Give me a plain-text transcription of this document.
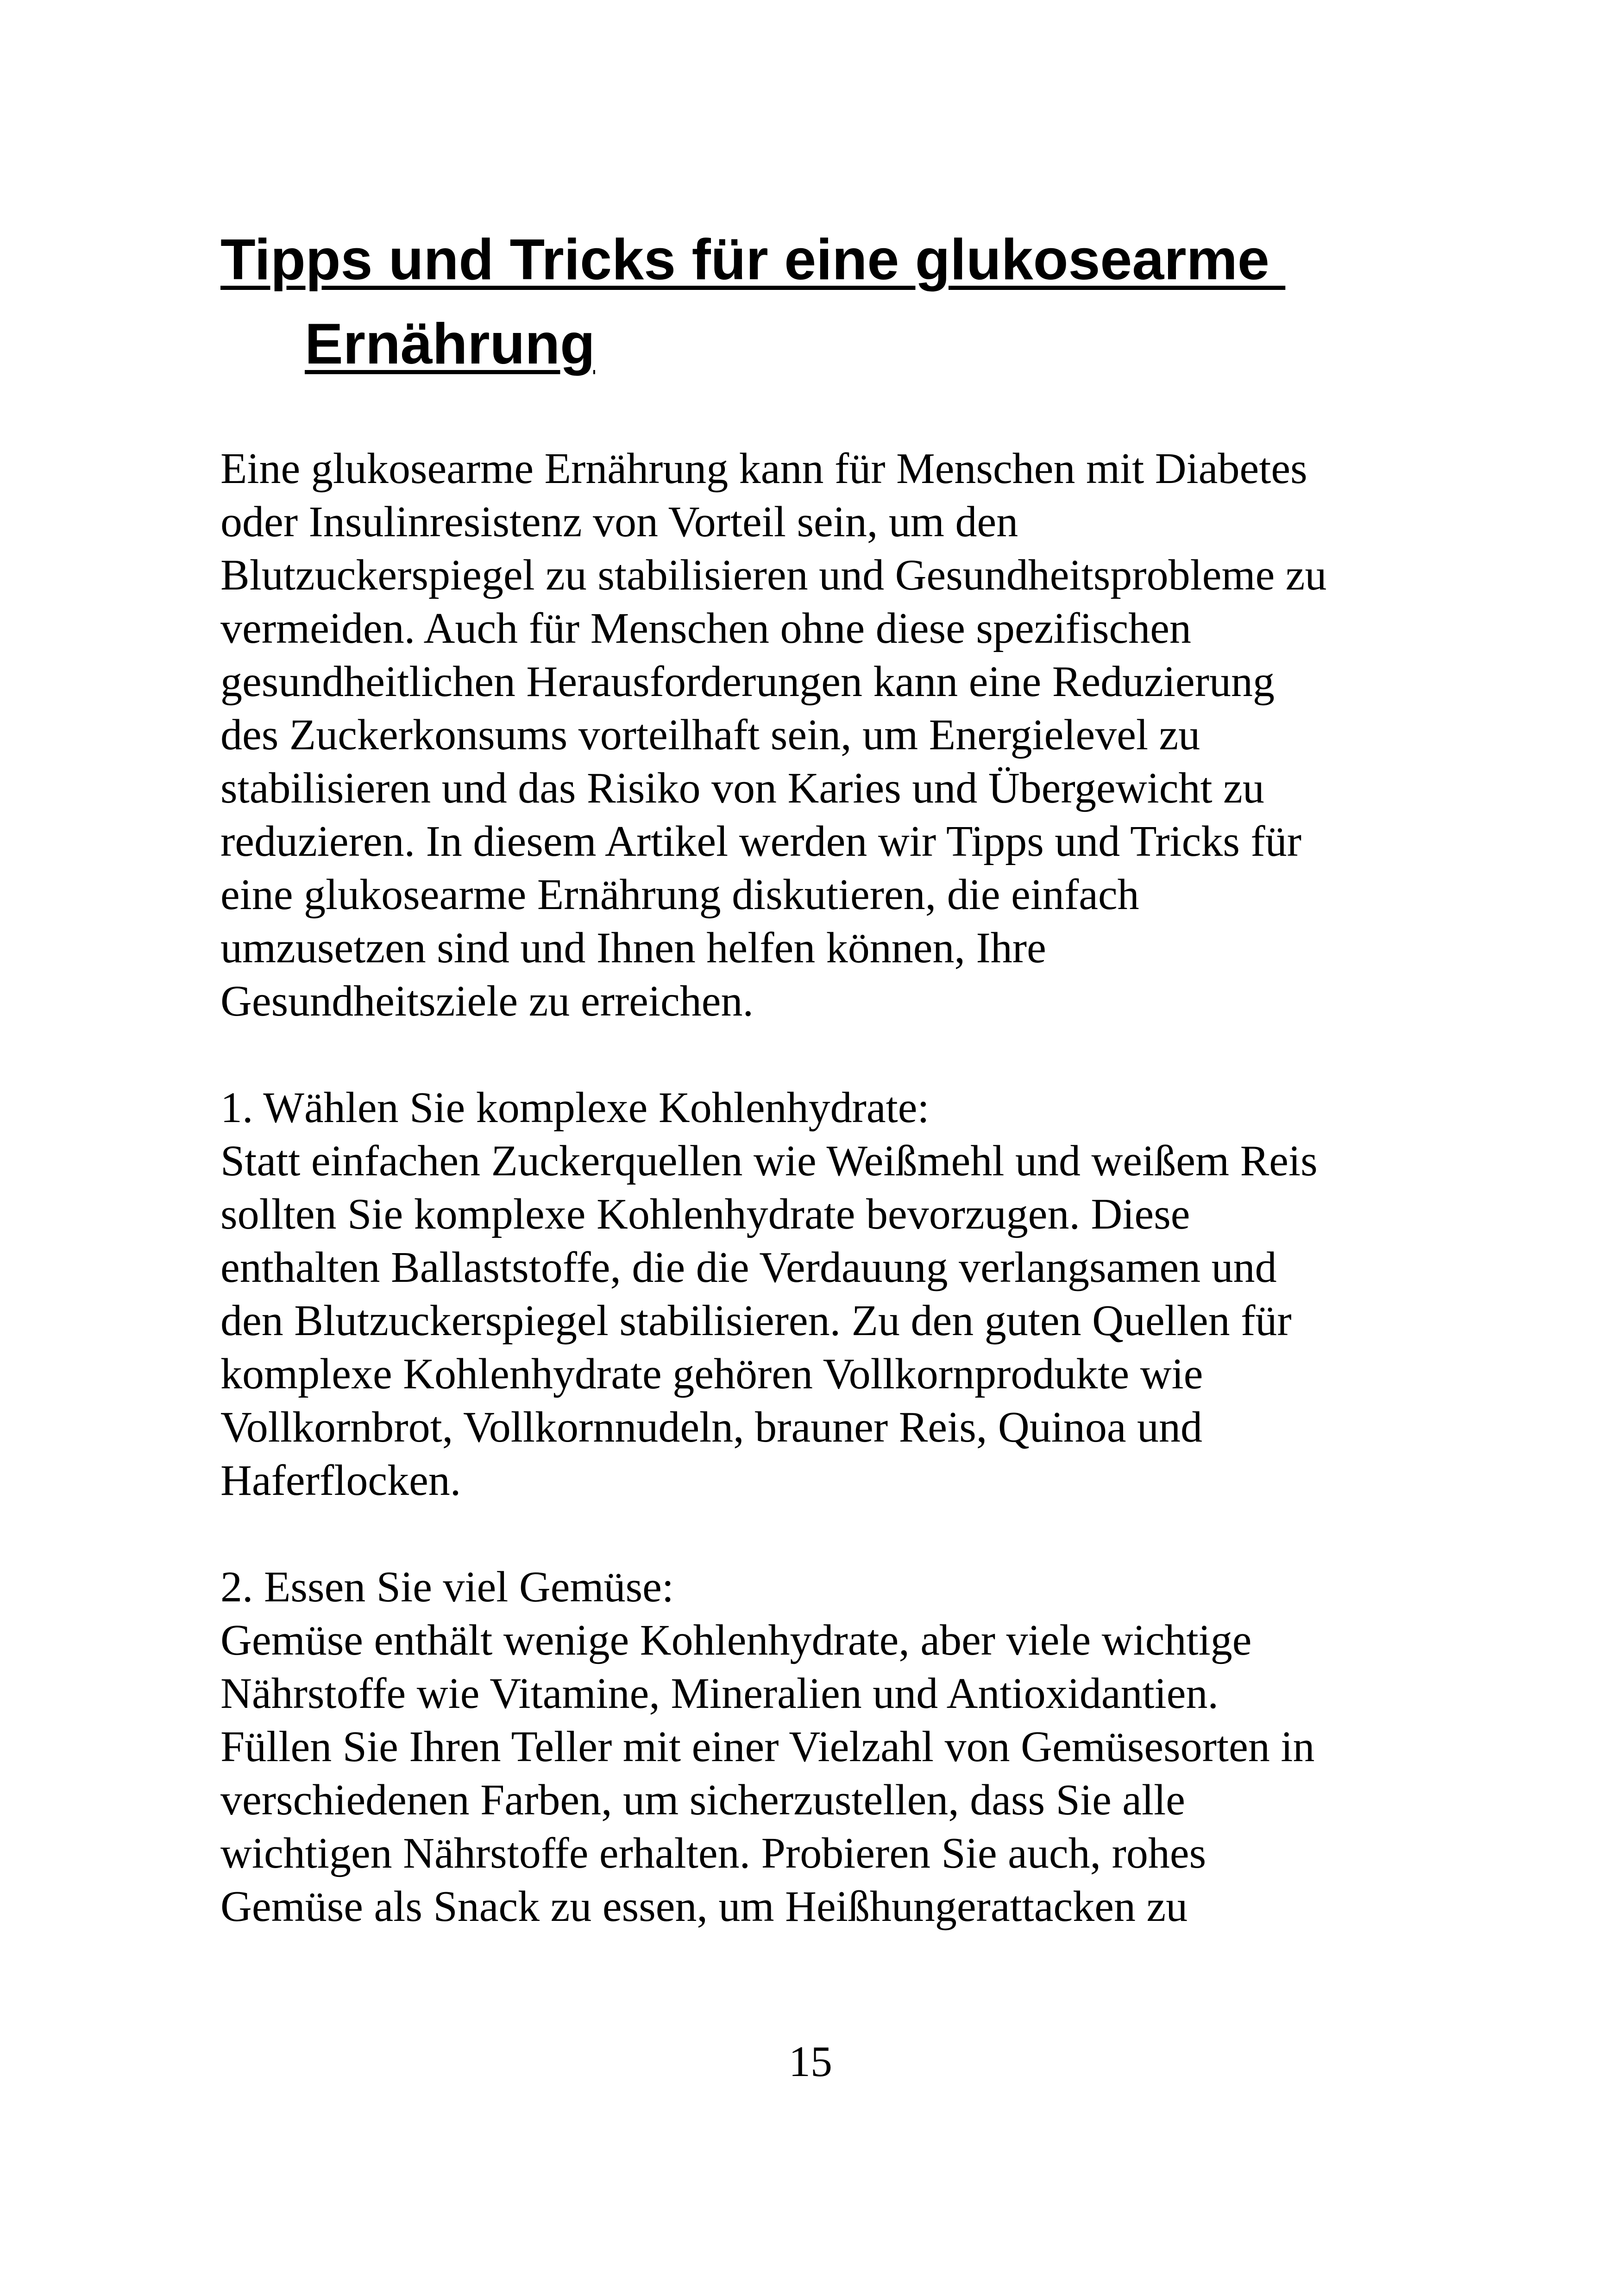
Tipps und Tricks für eine glukosearme
Ernährung

Eine glukosearme Ernährung kann für Menschen mit Diabetes
oder Insulinresistenz von Vorteil sein, um den
Blutzuckerspiegel zu stabilisieren und Gesundheitsprobleme zu
vermeiden. Auch für Menschen ohne diese spezifischen
gesundheitlichen Herausforderungen kann eine Reduzierung
des Zuckerkonsums vorteilhaft sein, um Energielevel zu
stabilisieren und das Risiko von Karies und Übergewicht zu
reduzieren. In diesem Artikel werden wir Tipps und Tricks für
eine glukosearme Ernährung diskutieren, die einfach
umzusetzen sind und Ihnen helfen können, Ihre
Gesundheitsziele zu erreichen.

1. Wählen Sie komplexe Kohlenhydrate:
Statt einfachen Zuckerquellen wie Weißmehl und weißem Reis
sollten Sie komplexe Kohlenhydrate bevorzugen. Diese
enthalten Ballaststoffe, die die Verdauung verlangsamen und
den Blutzuckerspiegel stabilisieren. Zu den guten Quellen für
komplexe Kohlenhydrate gehören Vollkornprodukte wie
Vollkornbrot, Vollkornnudeln, brauner Reis, Quinoa und
Haferflocken.

2. Essen Sie viel Gemüse:
Gemüse enthält wenige Kohlenhydrate, aber viele wichtige
Nährstoffe wie Vitamine, Mineralien und Antioxidantien.
Füllen Sie Ihren Teller mit einer Vielzahl von Gemüsesorten in
verschiedenen Farben, um sicherzustellen, dass Sie alle
wichtigen Nährstoffe erhalten. Probieren Sie auch, rohes
Gemüse als Snack zu essen, um Heißhungerattacken zu

15
